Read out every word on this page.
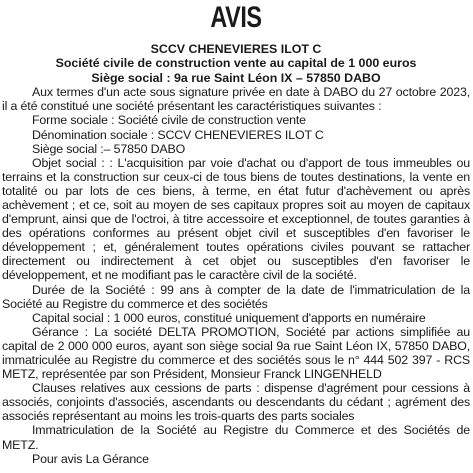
AVIS
SCCV CHENEVIERES ILOT C
Société civile de construction vente au capital de 1 000 euros
Siège social : 9a rue Saint Léon IX – 57850 DABO

Aux termes d'un acte sous signature privée en date à DABO du 27 octobre 2023, il a été constitué une société présentant les caractéristiques suivantes :

Forme sociale : Société civile de construction vente

Dénomination sociale : SCCV CHENEVIERES ILOT C

Siège social :– 57850 DABO

Objet social : : L'acquisition par voie d'achat ou d'apport de tous immeubles ou terrains et la construction sur ceux-ci de tous biens de toutes destinations, la vente en totalité ou par lots de ces biens, à terme, en état futur d'achèvement ou après achèvement ; et ce, soit au moyen de ses capitaux propres soit au moyen de capitaux d'emprunt, ainsi que de l'octroi, à titre accessoire et exceptionnel, de toutes garanties à des opérations conformes au présent objet civil et susceptibles d'en favoriser le développement ; et, généralement toutes opérations civiles pouvant se rattacher directement ou indirectement à cet objet ou susceptibles d'en favoriser le développement, et ne modifiant pas le caractère civil de la société.

Durée de la Société : 99 ans à compter de la date de l'immatriculation de la Société au Registre du commerce et des sociétés

Capital social : 1 000 euros, constitué uniquement d'apports en numéraire

Gérance : La société DELTA PROMOTION, Société par actions simplifiée au capital de 2 000 000 euros, ayant son siège social 9a rue Saint Léon IX, 57850 DABO, immatriculée au Registre du commerce et des sociétés sous le n° 444 502 397 - RCS METZ, représentée par son Président, Monsieur Franck LINGENHELD

Clauses relatives aux cessions de parts : dispense d'agrément pour cessions à associés, conjoints d'associés, ascendants ou descendants du cédant ; agrément des associés représentant au moins les trois-quarts des parts sociales

Immatriculation de la Société au Registre du Commerce et des Sociétés de METZ.

Pour avis La Gérance
